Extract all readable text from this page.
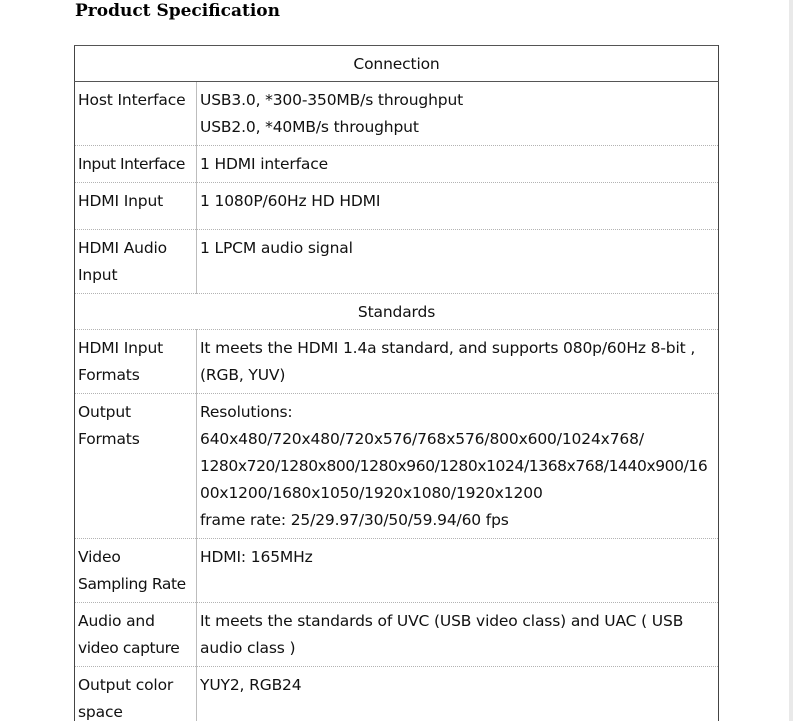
Product Specification
Connection	
Host Interface	USB3.0, *300-350MB/s throughput
USB2.0, *40MB/s throughput

Input Interface	1 HDMI interface

HDMI Input	1 1080P/60Hz HD HDMI

HDMI Audio
Input	1 LPCM audio signal

Standards	

HDMI Input
Formats	It meets the HDMI 1.4a standard, and supports 080p/60Hz 8-bit ,
(RGB, YUV)

Output
Formats	Resolutions:
640x480/720x480/720x576/768x576/800x600/1024x768/
1280x720/1280x800/1280x960/1280x1024/1368x768/1440x900/16
00x1200/1680x1050/1920x1080/1920x1200
frame rate: 25/29.97/30/50/59.94/60 fps

Video
Sampling Rate	HDMI: 165MHz

Audio and
video capture	It meets the standards of UVC (USB video class) and UAC ( USB
audio class )

Output color
space	YUY2, RGB24
